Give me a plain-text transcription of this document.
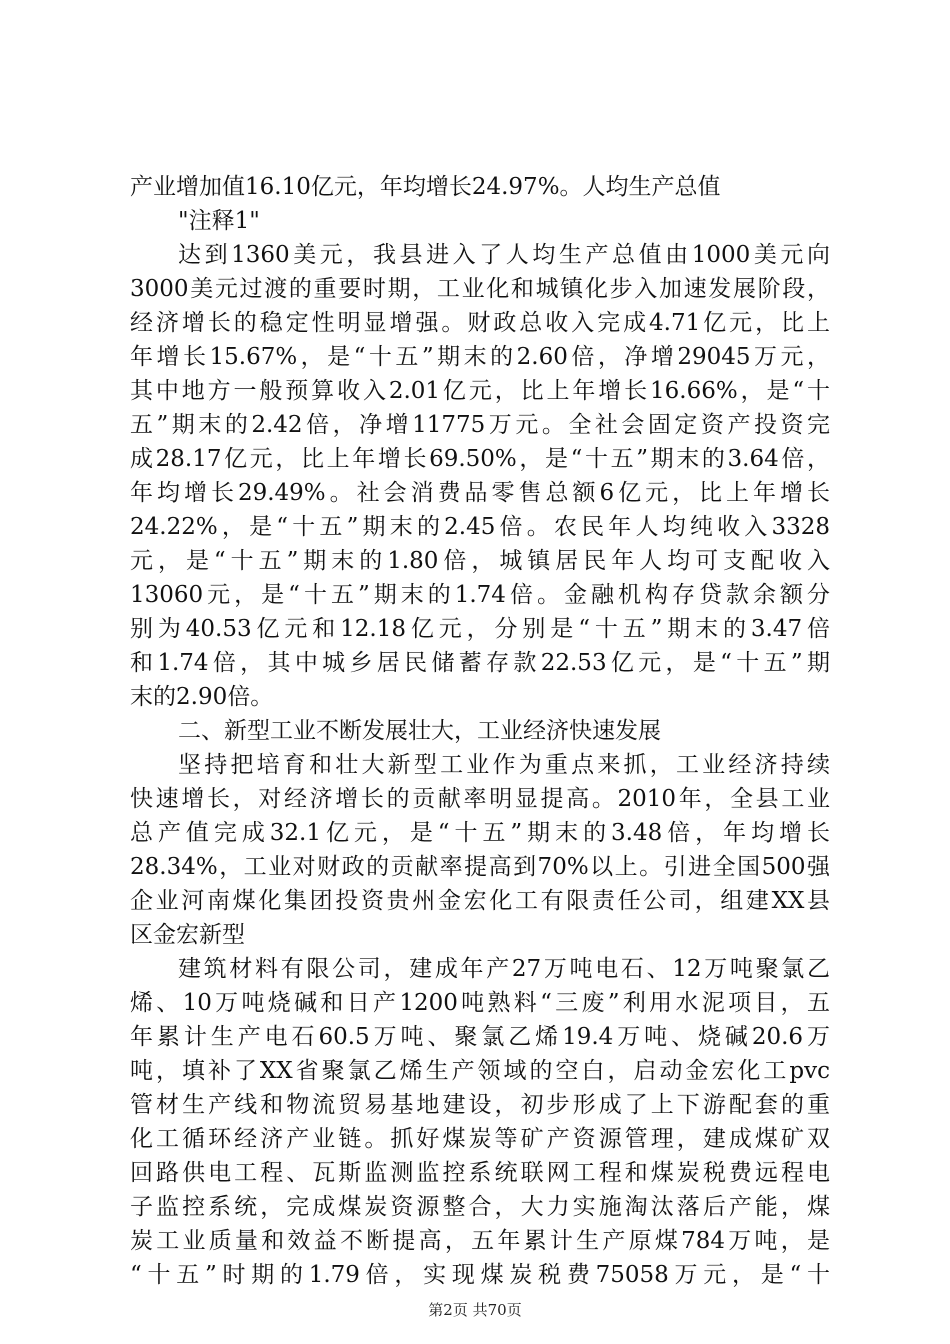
产业增加值16.10亿元，年均增长24.97%。人均生产总值
"注释1"
达到1360美元，我县进入了人均生产总值由1000美元向
3000美元过渡的重要时期，工业化和城镇化步入加速发展阶段，
经济增长的稳定性明显增强。财政总收入完成4.71亿元，比上
年增长15.67%，是“十五”期末的2.60倍，净增29045万元，
其中地方一般预算收入2.01亿元，比上年增长16.66%，是“十
五”期末的2.42倍，净增11775万元。全社会固定资产投资完
成28.17亿元，比上年增长69.50%，是“十五”期末的3.64倍，
年均增长29.49%。社会消费品零售总额6亿元，比上年增长
24.22%，是“十五”期末的2.45倍。农民年人均纯收入3328
元，是“十五”期末的1.80倍，城镇居民年人均可支配收入
13060元，是“十五”期末的1.74倍。金融机构存贷款余额分
别为40.53亿元和12.18亿元，分别是“十五”期末的3.47倍
和1.74倍，其中城乡居民储蓄存款22.53亿元，是“十五”期
末的2.90倍。
二、新型工业不断发展壮大，工业经济快速发展
坚持把培育和壮大新型工业作为重点来抓，工业经济持续
快速增长，对经济增长的贡献率明显提高。2010年，全县工业
总产值完成32.1亿元，是“十五”期末的3.48倍，年均增长
28.34%，工业对财政的贡献率提高到70%以上。引进全国500强
企业河南煤化集团投资贵州金宏化工有限责任公司，组建XX县
区金宏新型
建筑材料有限公司，建成年产27万吨电石、12万吨聚氯乙
烯、10万吨烧碱和日产1200吨熟料“三废”利用水泥项目，五
年累计生产电石60.5万吨、聚氯乙烯19.4万吨、烧碱20.6万
吨，填补了XX省聚氯乙烯生产领域的空白，启动金宏化工pvc
管材生产线和物流贸易基地建设，初步形成了上下游配套的重
化工循环经济产业链。抓好煤炭等矿产资源管理，建成煤矿双
回路供电工程、瓦斯监测监控系统联网工程和煤炭税费远程电
子监控系统，完成煤炭资源整合，大力实施淘汰落后产能，煤
炭工业质量和效益不断提高，五年累计生产原煤784万吨，是
“十五”时期的1.79倍，实现煤炭税费75058万元，是“十
第2页 共70页
